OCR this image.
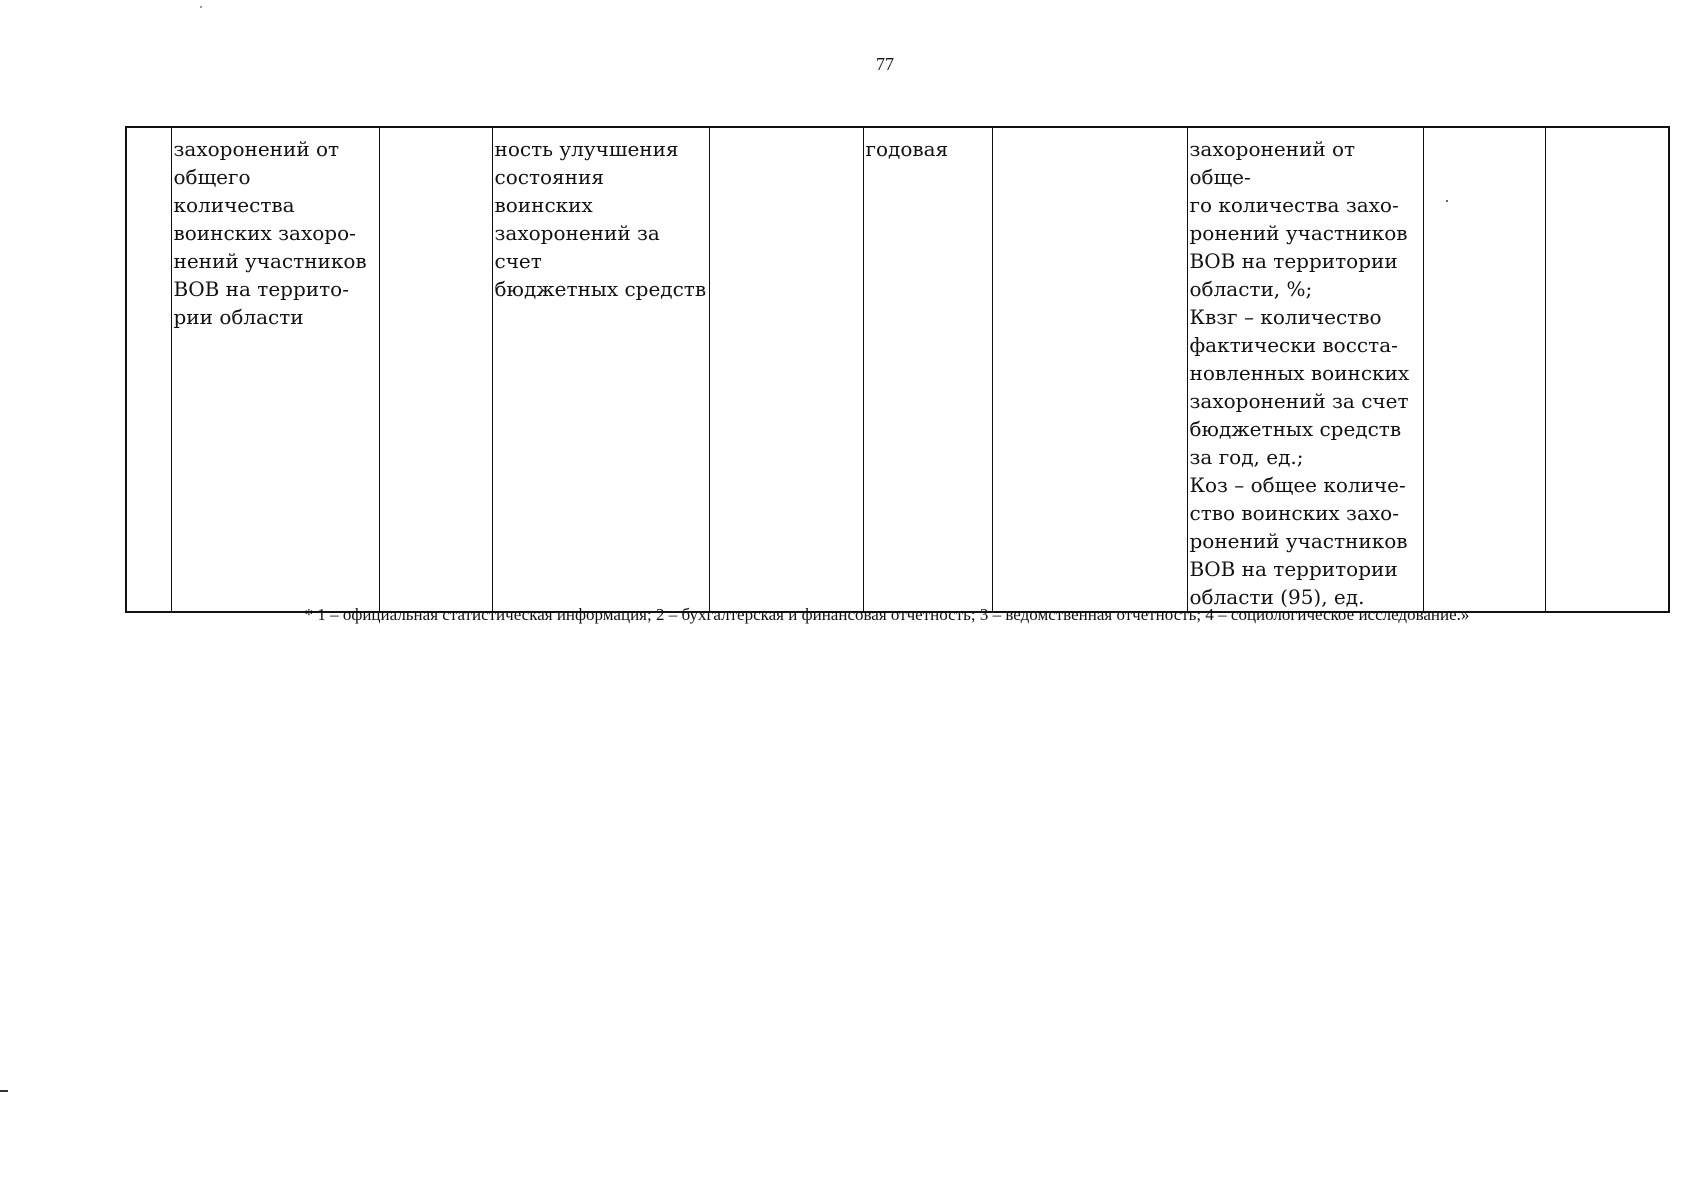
77
	захоронений от
общего количества
воинских захоро-
нений участников
ВОВ на террито-
рии области		ность улучшения
состояния воинских
захоронений за счет
бюджетных средств		годовая		захоронений от обще-
го количества захо-
ронений участников
ВОВ на территории
области, %;
Квзг – количество
фактически восста-
новленных воинских
захоронений за счет
бюджетных средств
за год, ед.;
Коз – общее количе-
ство воинских захо-
ронений участников
ВОВ на территории
области (95), ед.		
* 1 – официальная статистическая информация; 2 – бухгалтерская и финансовая отчетность; 3 – ведомственная отчетность; 4 – социологическое исследование.»
